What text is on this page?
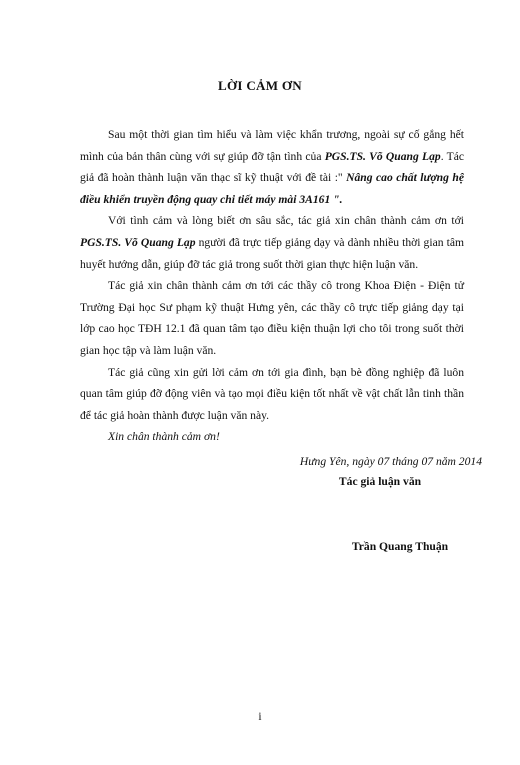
LỜI CẢM ƠN

Sau một thời gian tìm hiểu và làm việc khẩn trương, ngoài sự cố gắng hết mình của bản thân cùng với sự giúp đỡ tận tình của PGS.TS. Võ Quang Lạp. Tác giả đã hoàn thành luận văn thạc sĩ kỹ thuật với đề tài :" Nâng cao chất lượng hệ điều khiển truyền động quay chi tiết máy mài 3A161 ".

Với tình cảm và lòng biết ơn sâu sắc, tác giả xin chân thành cảm ơn tới PGS.TS. Võ Quang Lạp người đã trực tiếp giảng dạy và dành nhiều thời gian tâm huyết hướng dẫn, giúp đỡ tác giả trong suốt thời gian thực hiện luận văn.

Tác giả xin chân thành cảm ơn tới các thầy cô trong Khoa Điện - Điện tử Trường Đại học Sư phạm kỹ thuật Hưng yên, các thầy cô trực tiếp giảng dạy tại lớp cao học TĐH 12.1 đã quan tâm tạo điều kiện thuận lợi cho tôi trong suốt thời gian học tập và làm luận văn.

Tác giả cũng xin gửi lời cảm ơn tới gia đình, bạn bè đồng nghiệp đã luôn quan tâm giúp đỡ động viên và tạo mọi điều kiện tốt nhất về vật chất lẫn tinh thần để tác giả hoàn thành được luận văn này.

Xin chân thành cảm ơn!

Hưng Yên, ngày 07 tháng 07 năm 2014
Tác giả luận văn
Trần Quang Thuận
i
